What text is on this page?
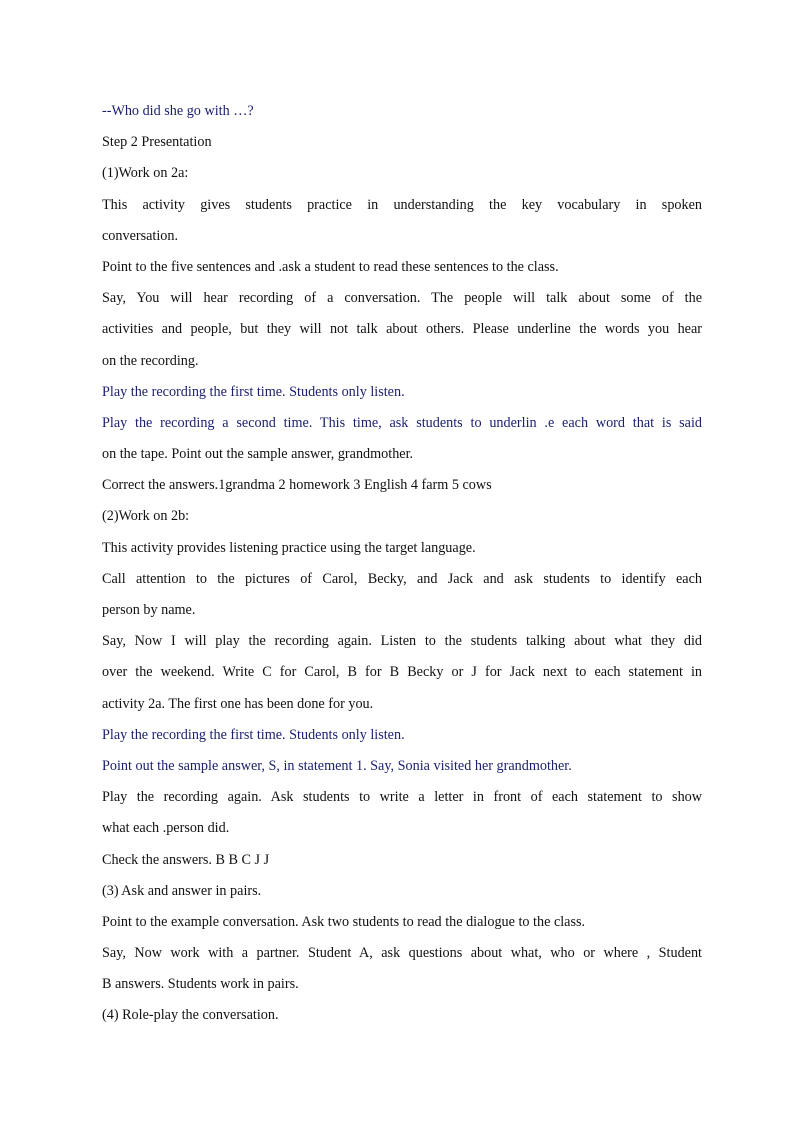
--Who did she go with …?
Step 2 Presentation
(1)Work on 2a:
This activity gives students practice in understanding the key vocabulary in spoken
conversation.
Point to the five sentences and .ask a student to read these sentences to the class.
Say, You will hear recording of a conversation. The people will talk about some of the
activities and people, but they will not talk about others. Please underline the words you hear
on the recording.
Play the recording the first time. Students only listen.
Play the recording a second time. This time, ask students to underlin .e each word that is said
on the tape. Point out the sample answer, grandmother.
Correct the answers.1grandma 2 homework 3 English 4 farm 5 cows
(2)Work on 2b:
This activity provides listening practice using the target language.
Call attention to the pictures of Carol, Becky, and Jack and ask students to identify each
person by name.
Say, Now I will play the recording again. Listen to the students talking about what they did
over the weekend. Write C for Carol, B for B Becky or J for Jack next to each statement in
activity 2a. The first one has been done for you.
Play the recording the first time. Students only listen.
Point out the sample answer, S, in statement 1. Say, Sonia visited her grandmother.
Play the recording again. Ask students to write a letter in front of each statement to show
what each .person did.
Check the answers. B B C J J
(3) Ask and answer in pairs.
Point to the example conversation. Ask two students to read the dialogue to the class.
Say, Now work with a partner. Student A, ask questions about what, who or where , Student
B answers. Students work in pairs.
(4) Role-play the conversation.
